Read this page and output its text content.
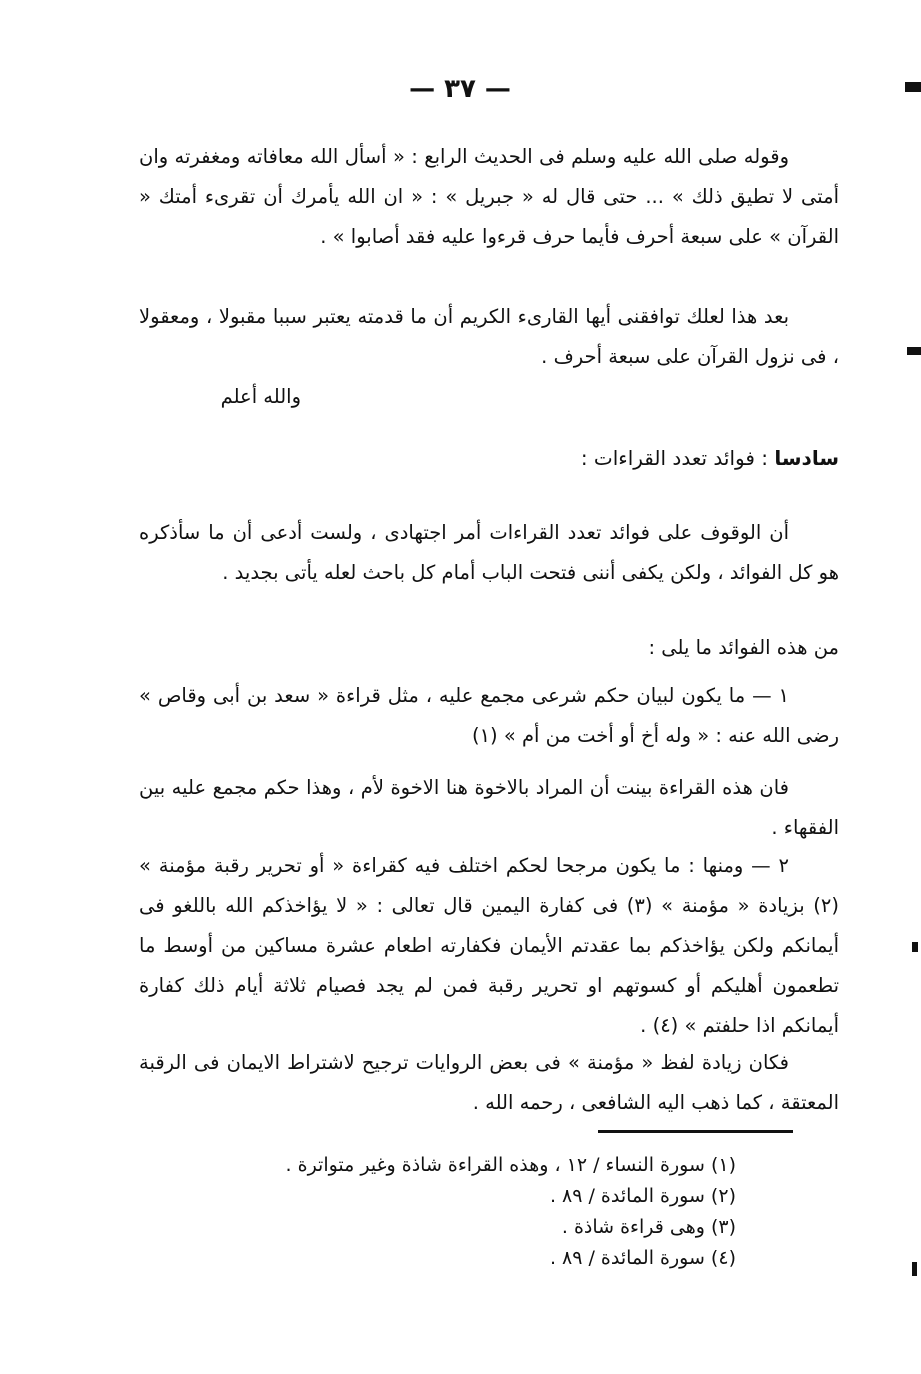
— ٣٧ —

وقوله صلى الله عليه وسلم فى الحديث الرابع : « أسأل الله معافاته ومغفرته وان أمتى لا تطيق ذلك » ... حتى قال له « جبريل » : « ان الله يأمرك أن تقرىء أمتك « القرآن » على سبعة أحرف فأيما حرف قرءوا عليه فقد أصابوا » .

بعد هذا لعلك توافقنى أيها القارىء الكريم أن ما قدمته يعتبر سببا مقبولا ، ومعقولا ، فى نزول القرآن على سبعة أحرف .

والله أعلم
سادسا : فوائد تعدد القراءات :

أن الوقوف على فوائد تعدد القراءات أمر اجتهادى ، ولست أدعى أن ما سأذكره هو كل الفوائد ، ولكن يكفى أننى فتحت الباب أمام كل باحث لعله يأتى بجديد .

من هذه الفوائد ما يلى :

١ — ما يكون لبيان حكم شرعى مجمع عليه ، مثل قراءة « سعد بن أبى وقاص » رضى الله عنه : « وله أخ أو أخت من أم » (١)

فان هذه القراءة بينت أن المراد بالاخوة هنا الاخوة لأم ، وهذا حكم مجمع عليه بين الفقهاء .

٢ — ومنها : ما يكون مرجحا لحكم اختلف فيه كقراءة « أو تحرير رقبة مؤمنة » (٢) بزيادة « مؤمنة » (٣) فى كفارة اليمين قال تعالى : « لا يؤاخذكم الله باللغو فى أيمانكم ولكن يؤاخذكم بما عقدتم الأيمان فكفارته اطعام عشرة مساكين من أوسط ما تطعمون أهليكم أو كسوتهم او تحرير رقبة فمن لم يجد فصيام ثلاثة أيام ذلك كفارة أيمانكم اذا حلفتم » (٤) .

فكان زيادة لفظ « مؤمنة » فى بعض الروايات ترجيح لاشتراط الايمان فى الرقبة المعتقة ، كما ذهب اليه الشافعى ، رحمه الله .

(١) سورة النساء / ١٢ ، وهذه القراءة شاذة وغير متواترة .
(٢) سورة المائدة / ٨٩ .
(٣) وهى قراءة شاذة .
(٤) سورة المائدة / ٨٩ .
